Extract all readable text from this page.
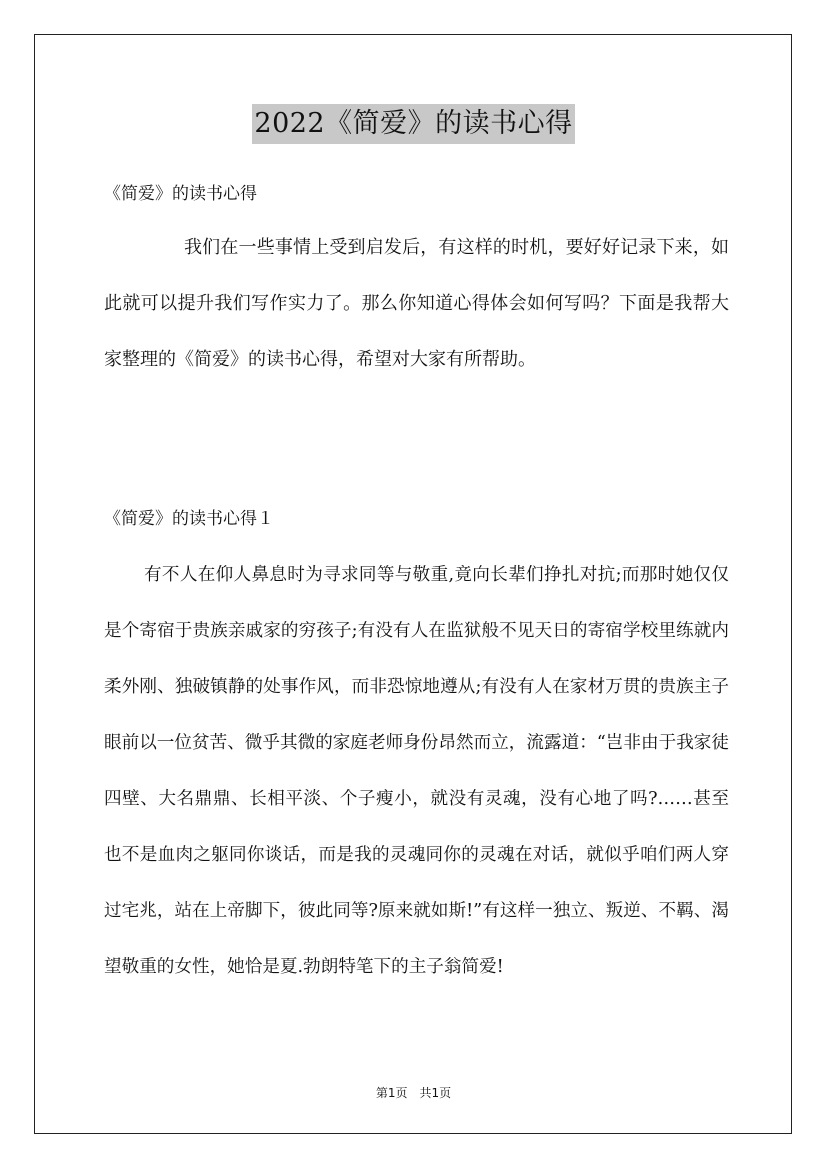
2022《简爱》的读书心得
《简爱》的读书心得
我们在一些事情上受到启发后，有这样的时机，要好好记录下来，如此就可以提升我们写作实力了。那么你知道心得体会如何写吗？下面是我帮大家整理的《简爱》的读书心得，希望对大家有所帮助。
《简爱》的读书心得１
有不人在仰人鼻息时为寻求同等与敬重,竟向长辈们挣扎对抗;而那时她仅仅是个寄宿于贵族亲戚家的穷孩子;有没有人在监狱般不见天日的寄宿学校里练就内柔外刚、独破镇静的处事作风，而非恐惊地遵从;有没有人在家材万贯的贵族主子眼前以一位贫苦、微乎其微的家庭老师身份昂然而立，流露道：“岂非由于我家徒四壁、大名鼎鼎、长相平淡、个子瘦小，就没有灵魂，没有心地了吗?……甚至也不是血肉之躯同你谈话，而是我的灵魂同你的灵魂在对话，就似乎咱们两人穿过宅兆，站在上帝脚下，彼此同等?原来就如斯!”有这样一独立、叛逆、不羁、渴望敬重的女性，她恰是夏.勃朗特笔下的主子翁简爱!
第1页　共1页
